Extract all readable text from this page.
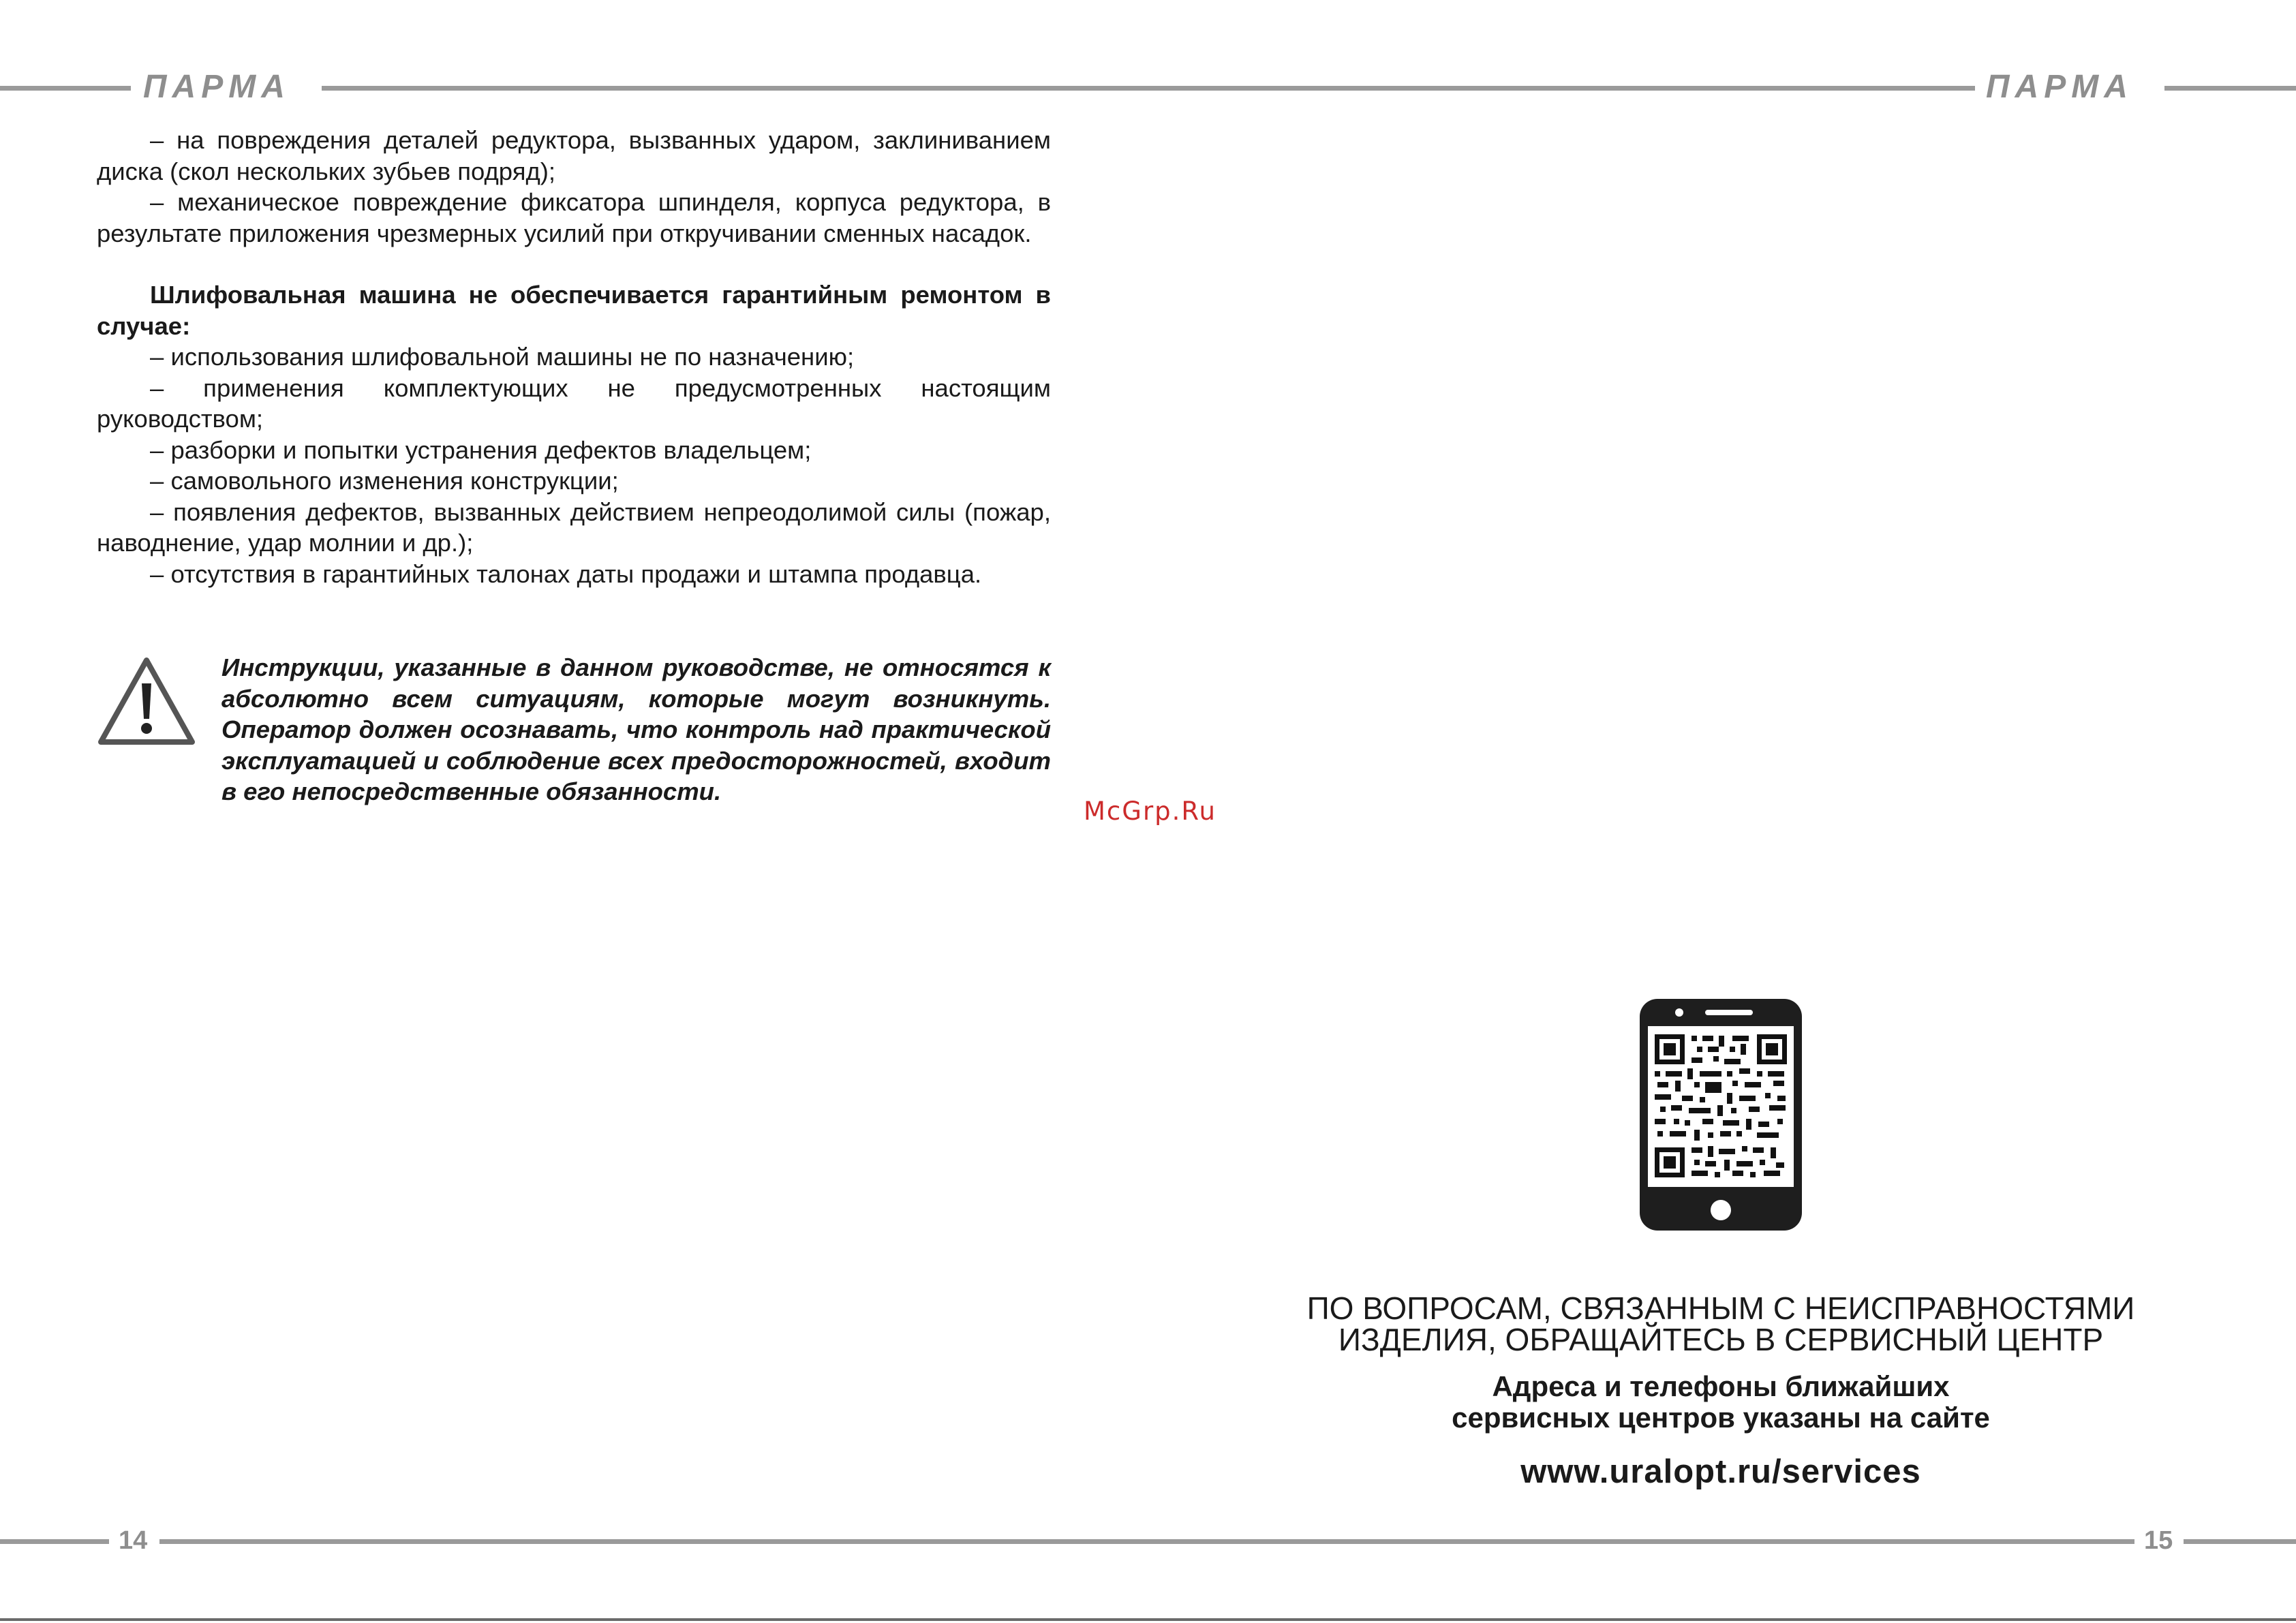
ПАРМА	ПАРМА

– на повреждения деталей редуктора, вызванных ударом, заклиниванием диска (скол нескольких зубьев подряд);

– механическое повреждение фиксатора шпинделя, корпуса редуктора, в результате приложения чрезмерных усилий при откручивании сменных насадок.

Шлифовальная машина не обеспечивается гарантийным ремонтом в случае:

– использования шлифовальной машины не по назначению;

– применения комплектующих не предусмотренных настоящим руководством;

– разборки и попытки устранения дефектов владельцем;

– самовольного изменения конструкции;

– появления дефектов, вызванных действием непреодолимой силы (пожар, наводнение, удар молнии и др.);

– отсутствия в гарантийных талонах даты продажи и штампа продавца.

Инструкции, указанные в данном руководстве, не относятся к абсолютно всем ситуациям, которые могут возникнуть. Оператор должен осознавать, что контроль над практической эксплуатацией и соблюдение всех предосторожностей, входит в его непосредственные обязанности.
McGrp.Ru
ПО ВОПРОСАМ, СВЯЗАННЫМ С НЕИСПРАВНОСТЯМИ
ИЗДЕЛИЯ, ОБРАЩАЙТЕСЬ В СЕРВИСНЫЙ ЦЕНТР
Адреса и телефоны ближайших
сервисных центров указаны на сайте
www.uralopt.ru/services
14	15
